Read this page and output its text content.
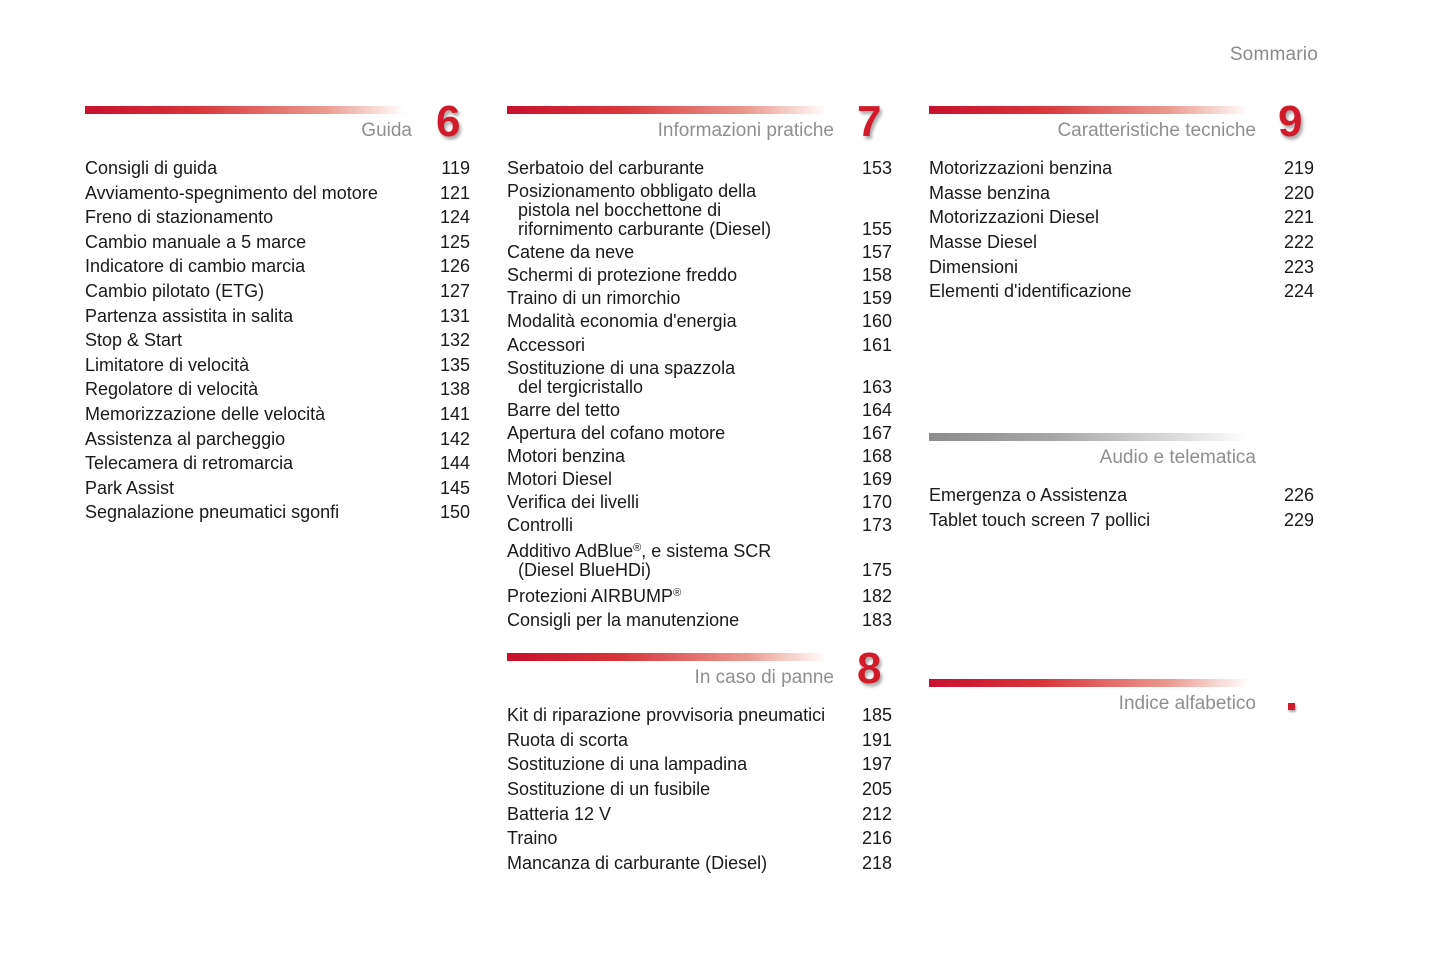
Sommario
Guida 6
Consigli di guida	119
Avviamento-spegnimento del motore	121
Freno di stazionamento	124
Cambio manuale a 5 marce	125
Indicatore di cambio marcia	126
Cambio pilotato (ETG)	127
Partenza assistita in salita	131
Stop & Start	132
Limitatore di velocità	135
Regolatore di velocità	138
Memorizzazione delle velocità	141
Assistenza al parcheggio	142
Telecamera di retromarcia	144
Park Assist	145
Segnalazione pneumatici sgonfi	150
Informazioni pratiche 7
Serbatoio del carburante	153
Posizionamento obbligato della
pistola nel bocchettone di
rifornimento carburante (Diesel)	155
Catene da neve	157
Schermi di protezione freddo	158
Traino di un rimorchio	159
Modalità economia d'energia	160
Accessori	161
Sostituzione di una spazzola
del tergicristallo	163
Barre del tetto	164
Apertura del cofano motore	167
Motori benzina	168
Motori Diesel	169
Verifica dei livelli	170
Controlli	173
Additivo AdBlue®, e sistema SCR
(Diesel BlueHDi)	175
Protezioni AIRBUMP®	182
Consigli per la manutenzione	183
In caso di panne 8
Kit di riparazione provvisoria pneumatici	185
Ruota di scorta	191
Sostituzione di una lampadina	197
Sostituzione di un fusibile	205
Batteria 12 V	212
Traino	216
Mancanza di carburante (Diesel)	218
Caratteristiche tecniche 9
Motorizzazioni benzina	219
Masse benzina	220
Motorizzazioni Diesel	221
Masse Diesel	222
Dimensioni	223
Elementi d'identificazione	224
Audio e telematica
Emergenza o Assistenza	226
Tablet touch screen 7 pollici	229
Indice alfabetico
